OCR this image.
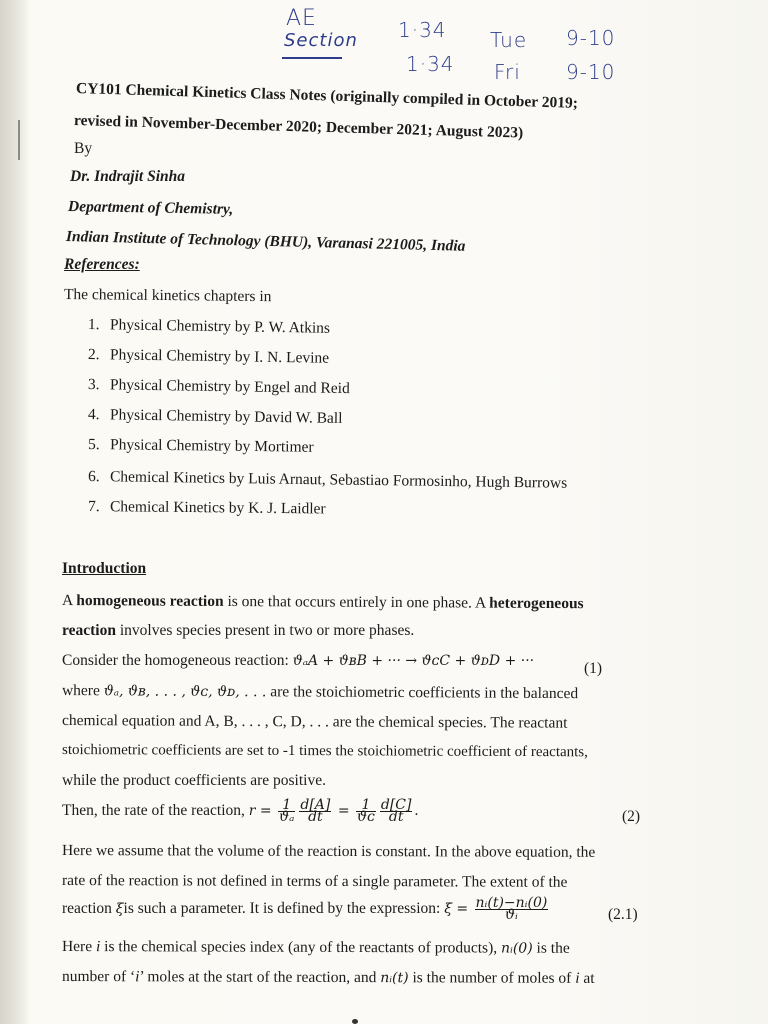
AE
Section 1·34 Tue 9-10
1·34 Fri 9-10
CY101 Chemical Kinetics Class Notes (originally compiled in October 2019;
revised in November-December 2020; December 2021; August 2023)
By
Dr. Indrajit Sinha
Department of Chemistry,
Indian Institute of Technology (BHU), Varanasi 221005, India
References:
The chemical kinetics chapters in
1. Physical Chemistry by P. W. Atkins
2. Physical Chemistry by I. N. Levine
3. Physical Chemistry by Engel and Reid
4. Physical Chemistry by David W. Ball
5. Physical Chemistry by Mortimer
6. Chemical Kinetics by Luis Arnaut, Sebastiao Formosinho, Hugh Burrows
7. Chemical Kinetics by K. J. Laidler
Introduction
A homogeneous reaction is one that occurs entirely in one phase. A heterogeneous
reaction involves species present in two or more phases.
Consider the homogeneous reaction: ϑₐA + ϑʙB + ··· → ϑᴄC + ϑᴅD + ···	(1)
where ϑₐ, ϑʙ, . . . , ϑᴄ, ϑᴅ, . . . are the stoichiometric coefficients in the balanced
chemical equation and A, B, . . . , C, D, . . . are the chemical species. The reactant
stoichiometric coefficients are set to -1 times the stoichiometric coefficient of reactants,
while the product coefficients are positive.
Then, the rate of the reaction, $r = \frac{1}{\text{ϑₐ}} \frac{d[A]}{dt} = \frac{1}{\text{ϑᴄ}} \frac{d[C]}{dt}$ .	(2)
Here we assume that the volume of the reaction is constant. In the above equation, the
rate of the reaction is not defined in terms of a single parameter. The extent of the
reaction ξis such a parameter. It is defined by the expression: $\xi = \frac{\text{nᵢ(t)−nᵢ(0)}}{\text{ϑᵢ}}$	(2.1)
Here i is the chemical species index (any of the reactants of products), nᵢ(0) is the
number of ‘i’ moles at the start of the reaction, and nᵢ(t) is the number of moles of i at
